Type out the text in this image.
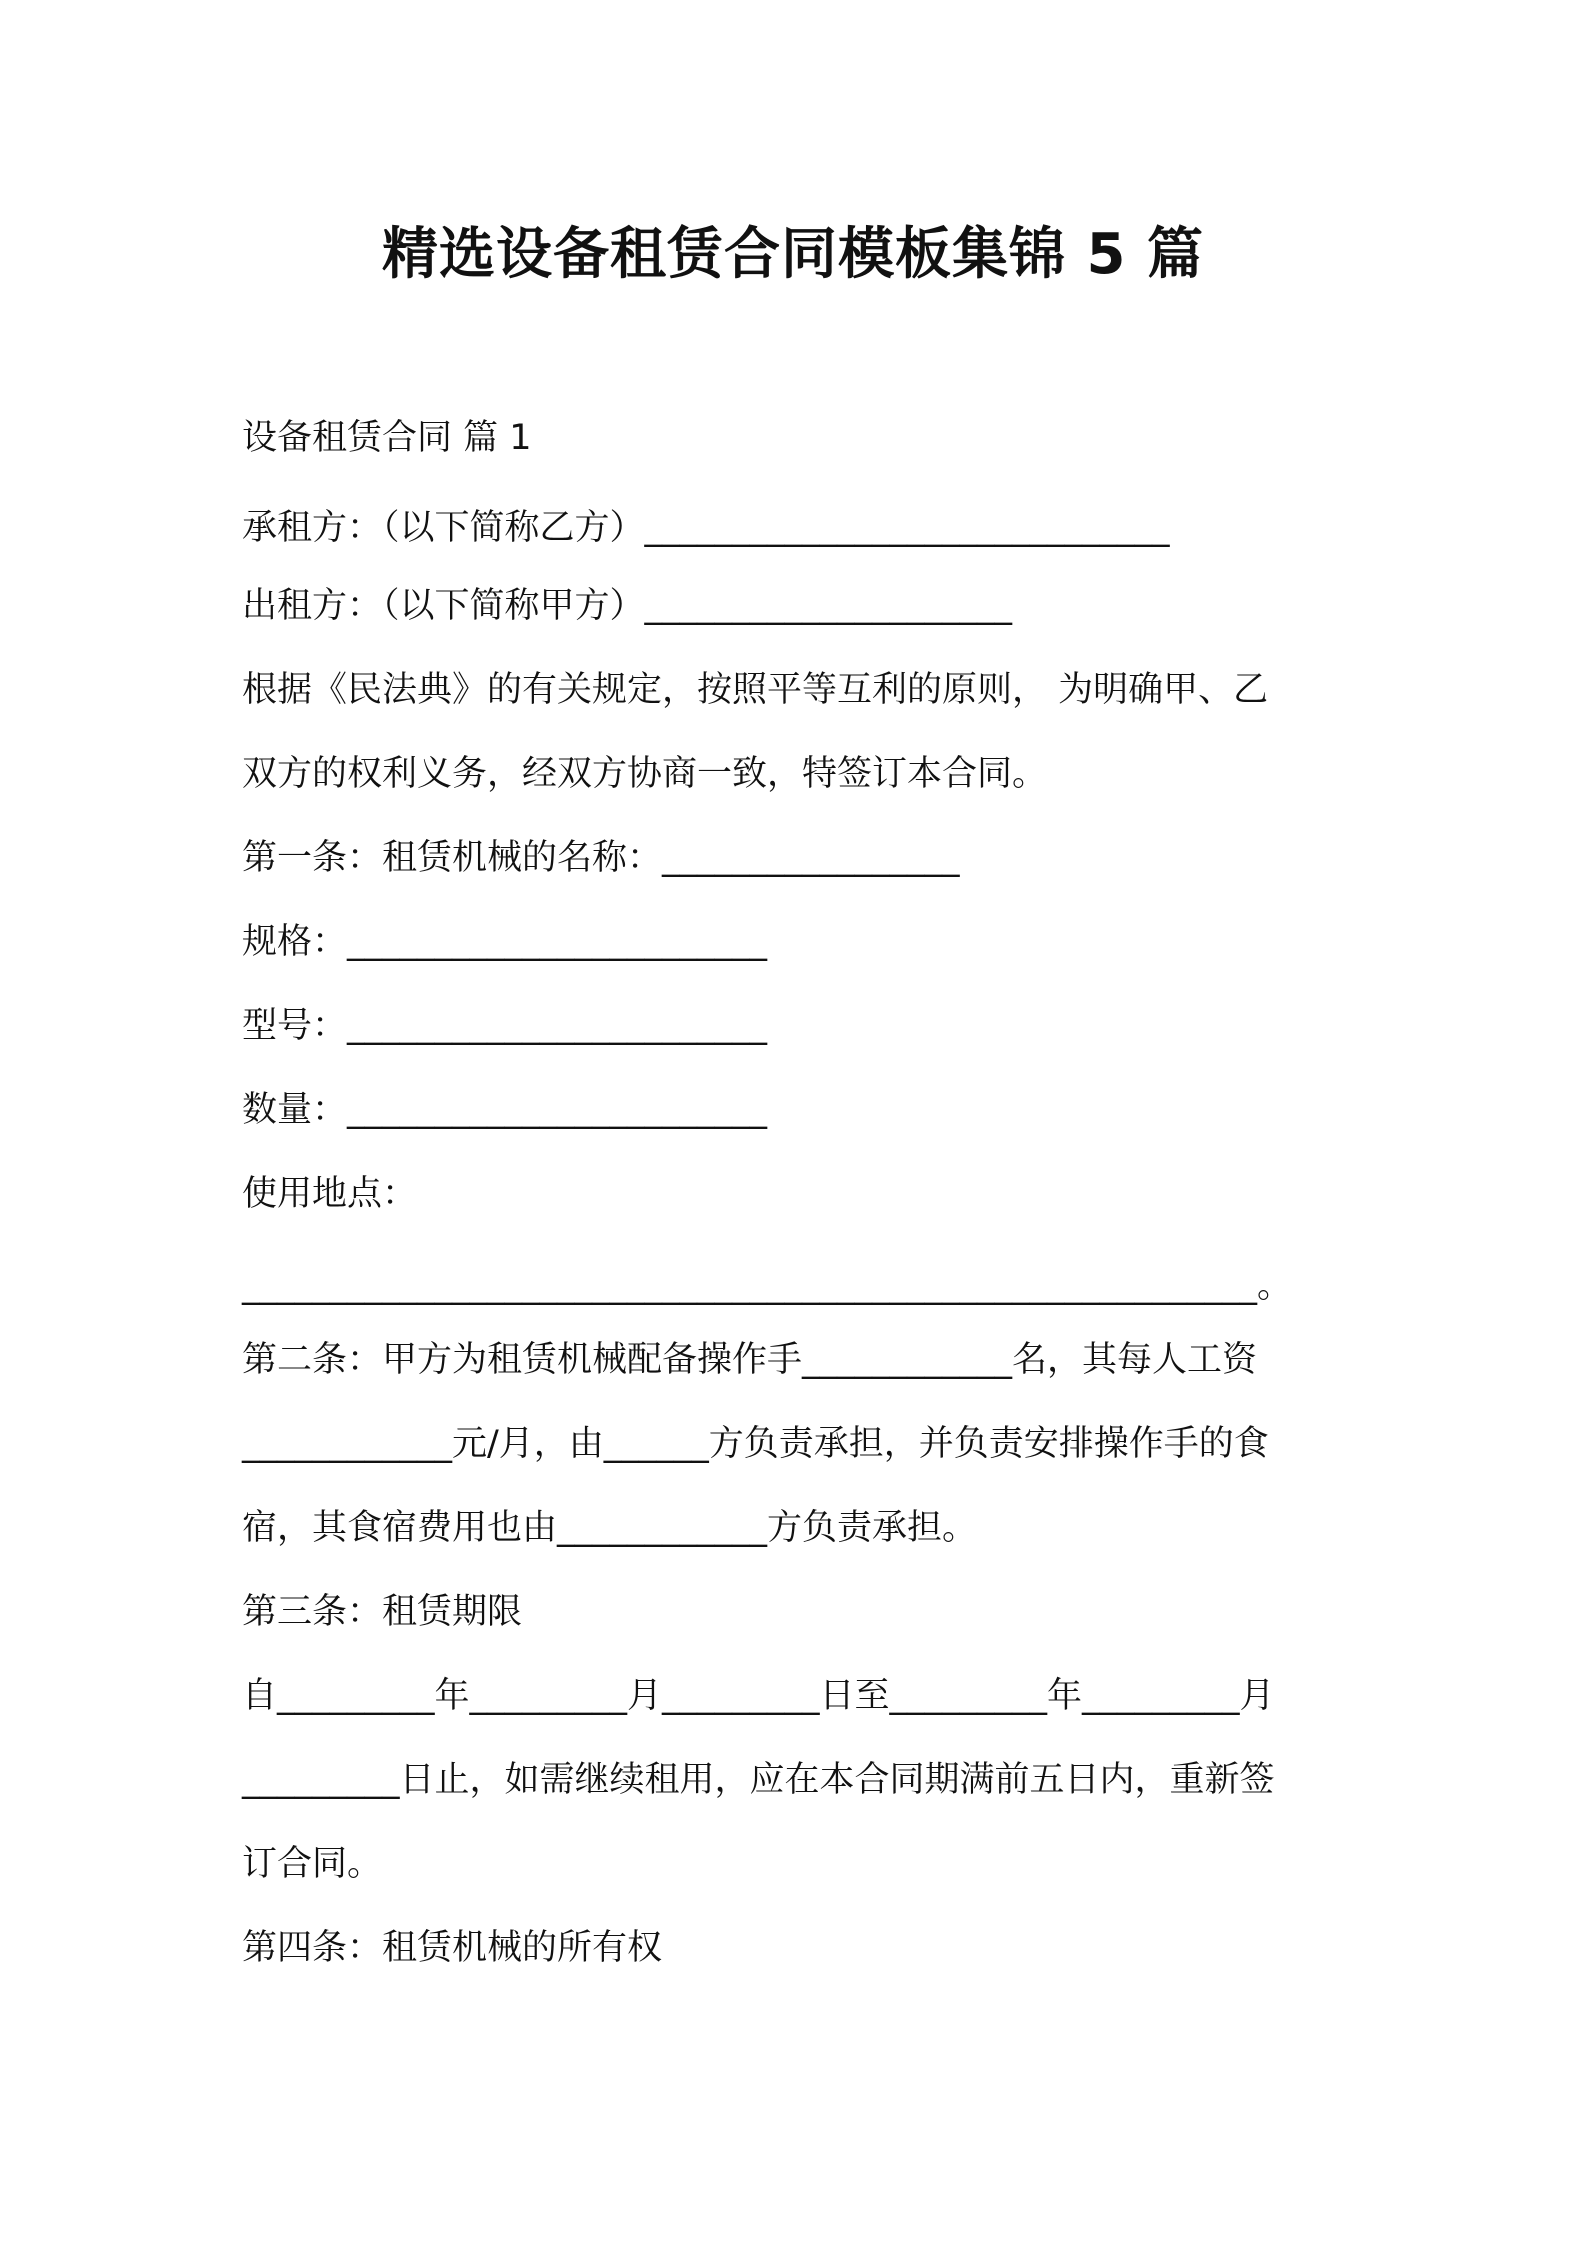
精选设备租赁合同模板集锦 5 篇
设备租赁合同 篇 1
承租方：（以下简称乙方）______________________________
出租方：（以下简称甲方）_____________________
根据《民法典》的有关规定，按照平等互利的原则， 为明确甲、乙
双方的权利义务，经双方协商一致，特签订本合同。
第一条：租赁机械的名称：_________________
规格：________________________
型号：________________________
数量：________________________
使用地点：
__________________________________________________________。
第二条：甲方为租赁机械配备操作手____________名，其每人工资
____________元/月，由______方负责承担，并负责安排操作手的食
宿，其食宿费用也由____________方负责承担。
第三条：租赁期限
自_________年_________月_________日至_________年_________月
_________日止，如需继续租用，应在本合同期满前五日内，重新签
订合同。
第四条：租赁机械的所有权
